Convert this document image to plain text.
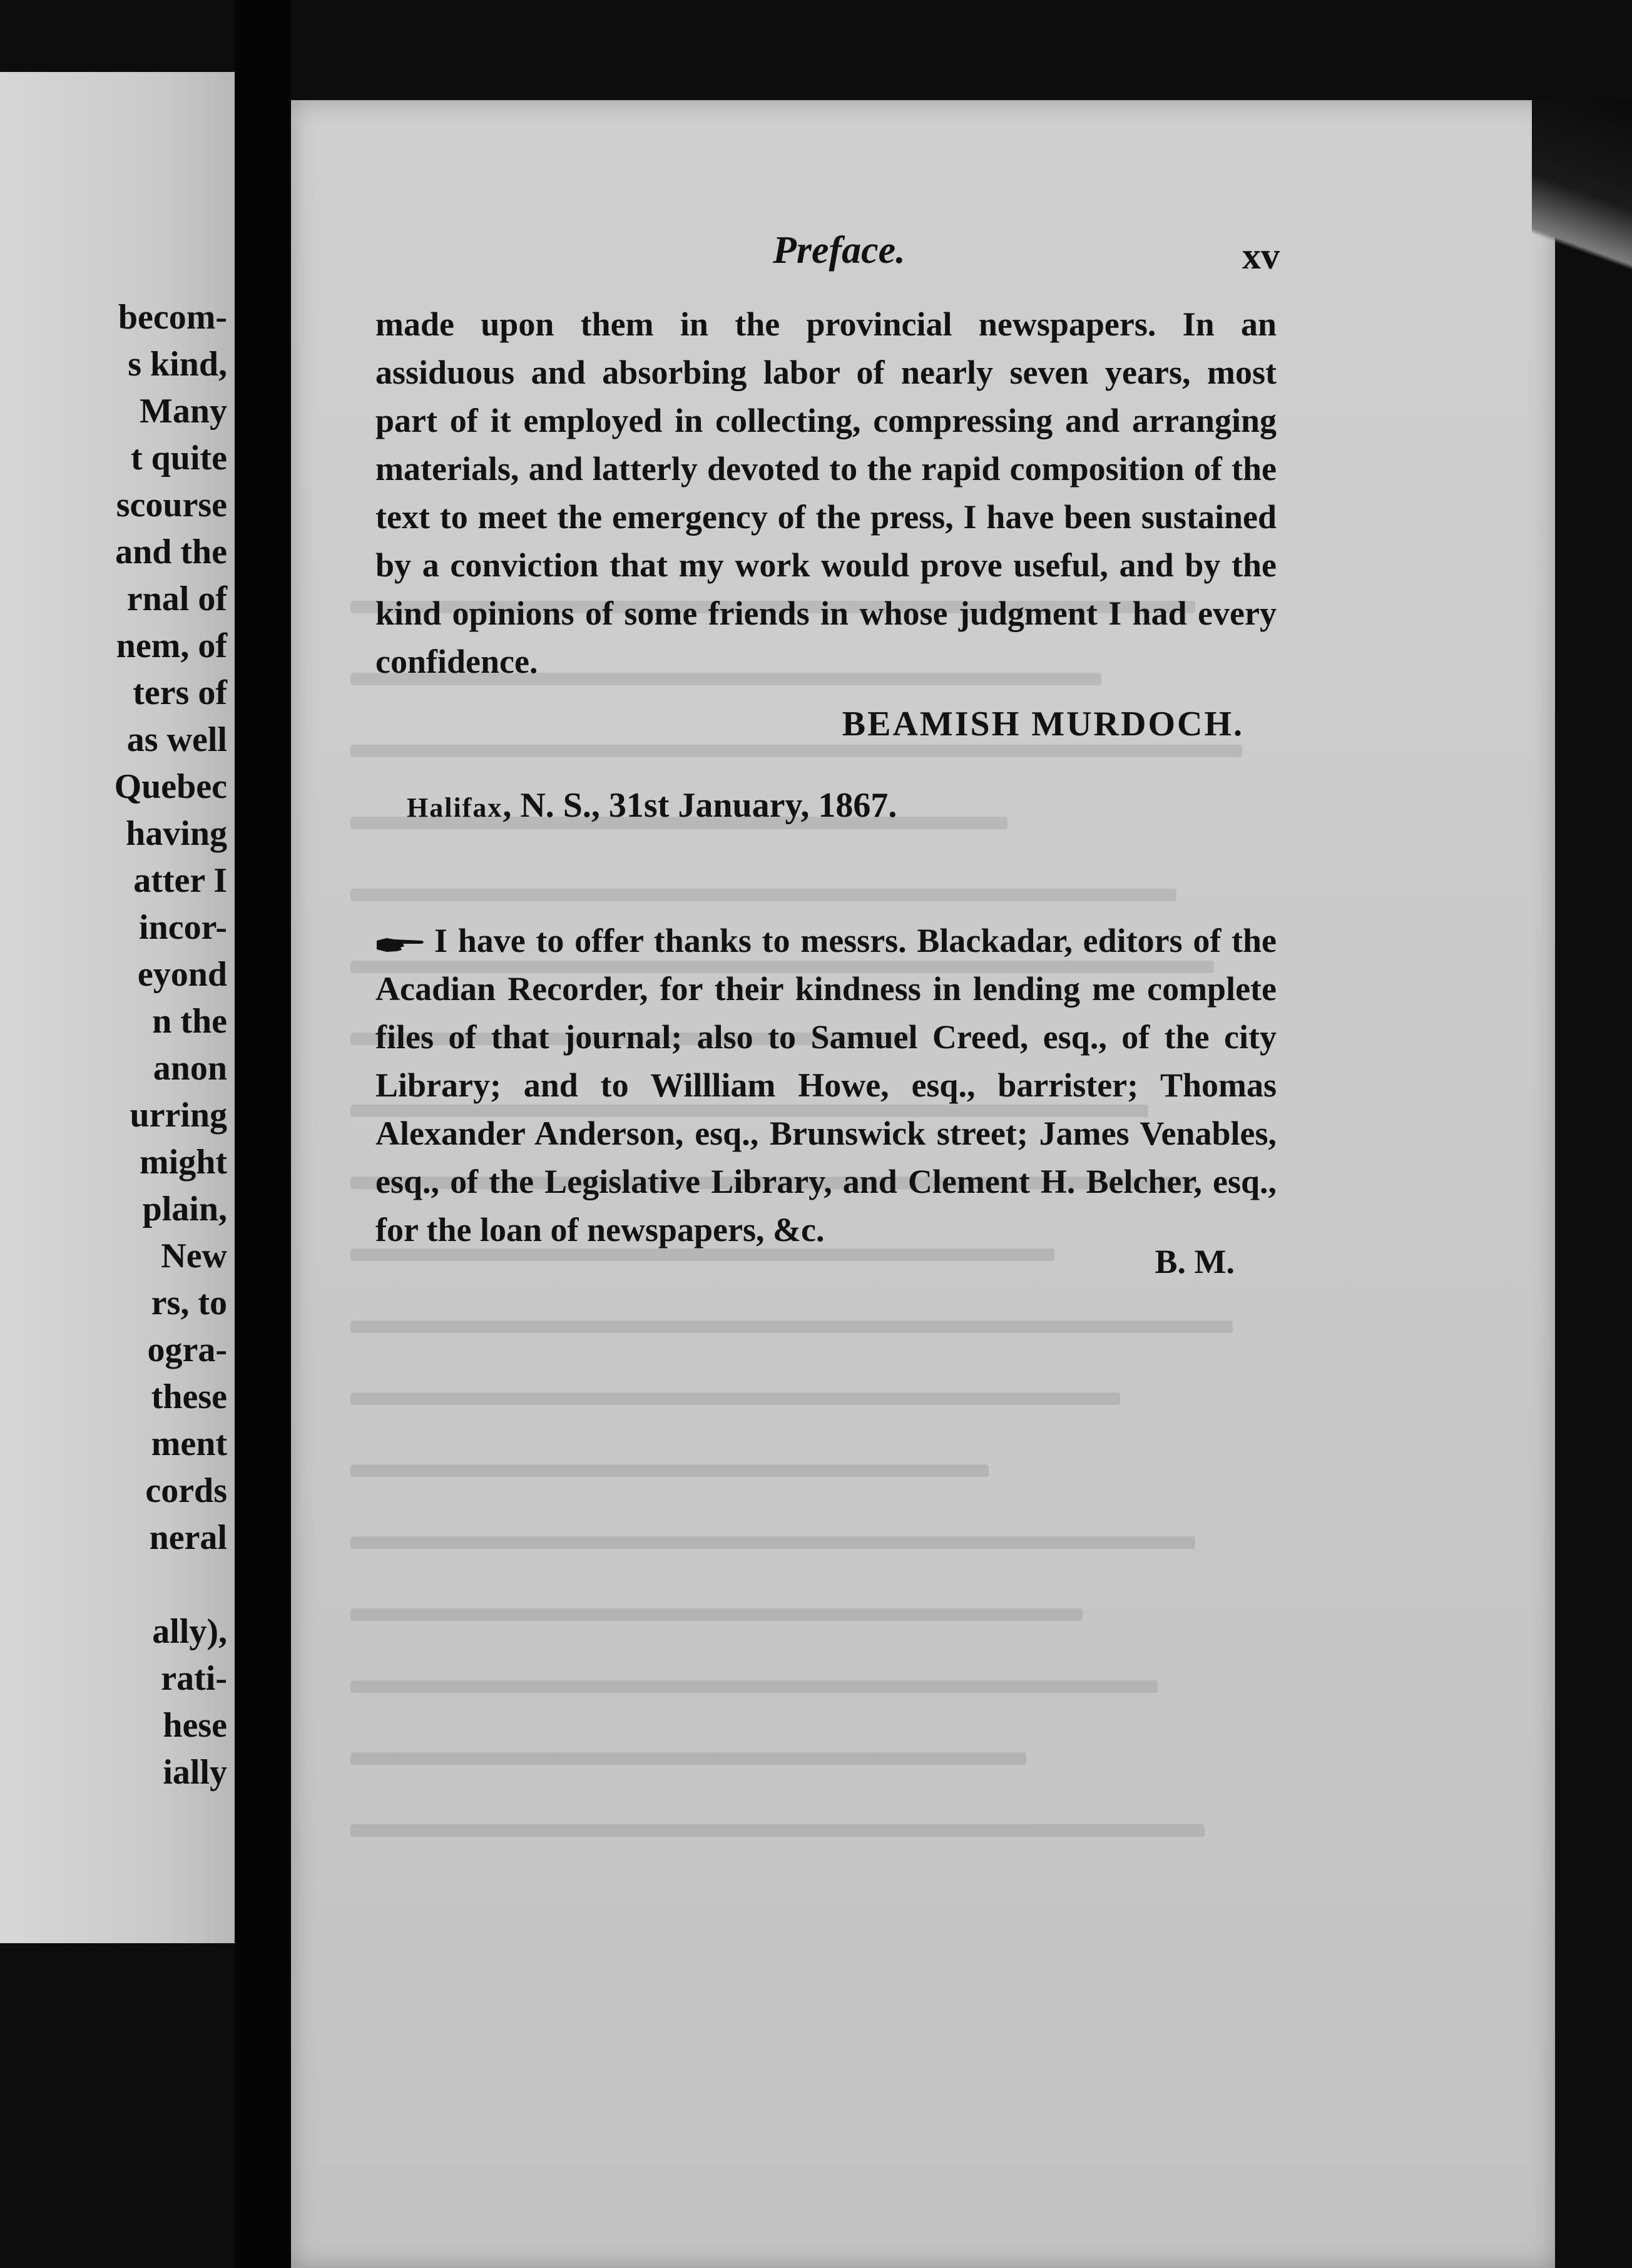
becom-
s kind,
Many
t quite
scourse
and the
rnal of
nem, of
ters of
as well
Quebec
having
atter I
incor-
eyond
n the
anon
urring
might
plain,
New
rs, to
ogra-
these
ment
cords
neral

ally),
rati-
hese
ially
Preface.	xv

made upon them in the provincial newspapers. In an assiduous and absorbing labor of nearly seven years, most part of it employed in collecting, compressing and arranging materials, and latterly devoted to the rapid composition of the text to meet the emergency of the press, I have been sustained by a conviction that my work would prove useful, and by the kind opinions of some friends in whose judgment I had every confidence.

BEAMISH MURDOCH.
Halifax, N. S., 31st January, 1867.

I have to offer thanks to messrs. Blackadar, editors of the Acadian Recorder, for their kindness in lending me complete files of that journal; also to Samuel Creed, esq., of the city Library; and to Willliam Howe, esq., barrister; Thomas Alexander Anderson, esq., Brunswick street; James Venables, esq., of the Legislative Library, and Clement H. Belcher, esq., for the loan of newspapers, &c.

B. M.
